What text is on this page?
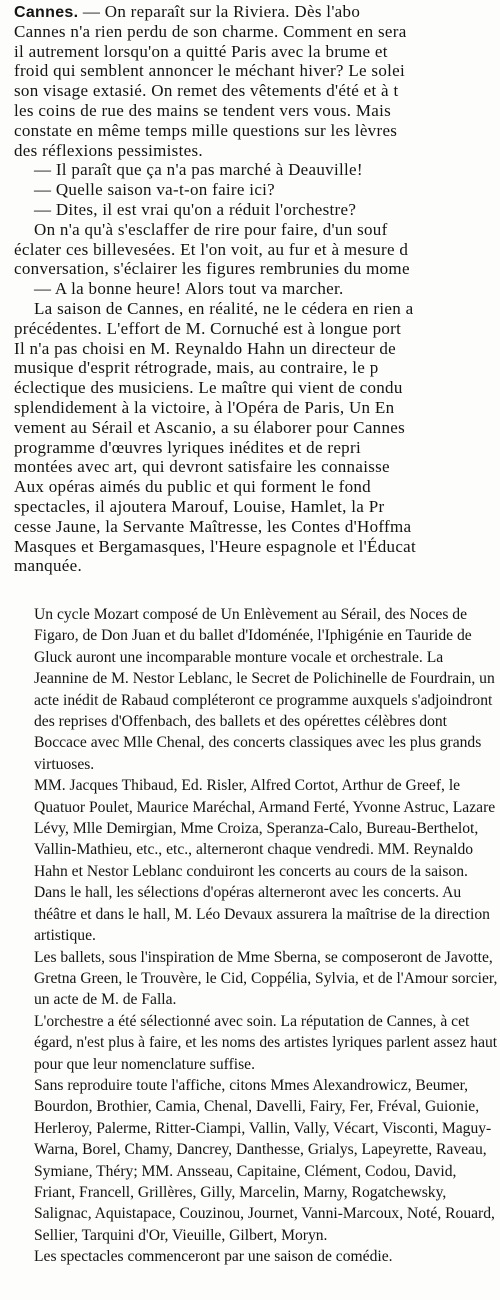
Cannes. — On reparaît sur la Riviera. Dès l'abo
Cannes n'a rien perdu de son charme. Comment en sera
il autrement lorsqu'on a quitté Paris avec la brume et
froid qui semblent annoncer le méchant hiver? Le solei
son visage extasié. On remet des vêtements d'été et à t
les coins de rue des mains se tendent vers vous. Mais
constate en même temps mille questions sur les lèvres
des réflexions pessimistes.
— Il paraît que ça n'a pas marché à Deauville!
— Quelle saison va-t-on faire ici?
— Dites, il est vrai qu'on a réduit l'orchestre?
On n'a qu'à s'esclaffer de rire pour faire, d'un souf
éclater ces billevesées. Et l'on voit, au fur et à mesure d
conversation, s'éclairer les figures rembrunies du mome
— A la bonne heure! Alors tout va marcher.
La saison de Cannes, en réalité, ne le cédera en rien a
précédentes. L'effort de M. Cornuché est à longue port
Il n'a pas choisi en M. Reynaldo Hahn un directeur de
musique d'esprit rétrograde, mais, au contraire, le p
éclectique des musiciens. Le maître qui vient de condu
splendidement à la victoire, à l'Opéra de Paris, Un En
vement au Sérail et Ascanio, a su élaborer pour Cannes
programme d'œuvres lyriques inédites et de repri
montées avec art, qui devront satisfaire les connaisse
Aux opéras aimés du public et qui forment le fond
spectacles, il ajoutera Marouf, Louise, Hamlet, la Pr
cesse Jaune, la Servante Maîtresse, les Contes d'Hoffma
Masques et Bergamasques, l'Heure espagnole et l'Éducat
manquée.

Un cycle Mozart composé de Un Enlèvement au Sérail, des Noces de Figaro, de Don Juan et du ballet d'Idoménée, l'Iphigénie en Tauride de Gluck auront une incomparable monture vocale et orchestrale. La Jeannine de M. Nestor Leblanc, le Secret de Polichinelle de Fourdrain, un acte inédit de Rabaud compléteront ce programme auxquels s'adjoindront des reprises d'Offenbach, des ballets et des opérettes célèbres dont Boccace avec Mlle Chenal, des concerts classiques avec les plus grands virtuoses.

MM. Jacques Thibaud, Ed. Risler, Alfred Cortot, Arthur de Greef, le Quatuor Poulet, Maurice Maréchal, Armand Ferté, Yvonne Astruc, Lazare Lévy, Mlle Demirgian, Mme Croiza, Speranza-Calo, Bureau-Berthelot, Vallin-Mathieu, etc., etc., alterneront chaque vendredi. MM. Reynaldo Hahn et Nestor Leblanc conduiront les concerts au cours de la saison.

Dans le hall, les sélections d'opéras alterneront avec les concerts. Au théâtre et dans le hall, M. Léo Devaux assurera la maîtrise de la direction artistique.

Les ballets, sous l'inspiration de Mme Sberna, se composeront de Javotte, Gretna Green, le Trouvère, le Cid, Coppélia, Sylvia, et de l'Amour sorcier, un acte de M. de Falla.

L'orchestre a été sélectionné avec soin. La réputation de Cannes, à cet égard, n'est plus à faire, et les noms des artistes lyriques parlent assez haut pour que leur nomenclature suffise.

Sans reproduire toute l'affiche, citons Mmes Alexandrowicz, Beumer, Bourdon, Brothier, Camia, Chenal, Davelli, Fairy, Fer, Fréval, Guionie, Herleroy, Palerme, Ritter-Ciampi, Vallin, Vally, Vécart, Visconti, Maguy-Warna, Borel, Chamy, Dancrey, Danthesse, Grialys, Lapeyrette, Raveau, Symiane, Théry; MM. Ansseau, Capitaine, Clément, Codou, David, Friant, Francell, Grillères, Gilly, Marcelin, Marny, Rogatchewsky, Salignac, Aquistapace, Couzinou, Journet, Vanni-Marcoux, Noté, Rouard, Sellier, Tarquini d'Or, Vieuille, Gilbert, Moryn.

Les spectacles commenceront par une saison de comédie.
